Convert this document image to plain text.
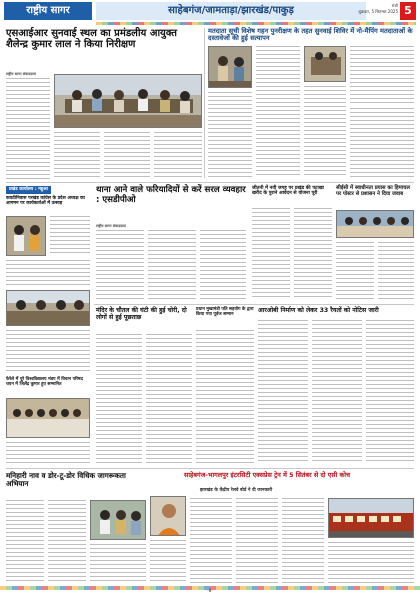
राष्ट्रीय सागर	साहेबगंज/जामताड़ा/झारखंड/पाकुड़	रांची
शुक्रवार, 5 सितम्बर 2025 5
एसआईआर सुनवाई स्थल का प्रमंडलीय आयुक्त शैलेन्द्र कुमार लाल ने किया निरीक्षण
राष्ट्रीय सागर संवाददाता
मतदाता सूची विशेष गहन पुनरीक्षण के तहत सुनवाई शिविर में नो-मैपिंग मतदाताओं के दस्तावेजों की हुई सत्यापन
प्रखंड कार्यालय : महुआ
कवठीनिवास परखंड कांग्रेस के प्रदेश अध्यक्ष का आगमन पर कार्यकर्ताओं में उत्साह
थाना आने वाले फरियादियों से करें सरल व्यवहार : एसडीपीओ
राष्ट्रीय सागर संवाददाता
जीतनी में नयी जगह पर प्रखंड की पटाखा खरीद के पुराने आवेदन से योजना पूरी
सीईसी में स्वाधीनता प्रयास का हिमाचल पर पोस्टर से प्रशासन ने दिया जवाब
फेरेले में पूरे विश्वविद्यालय मंडप में विधान परिषद चयन में जिलेंद्र कुमार हुए सम्मानित
मंदिर के चौतल की घंटी की हुई चोरी, दो लोगों से हुई पूछताछ
प्रधान मुखामंत्री पति सहयोग के द्वारा किया गया पूर्वज सम्मान
आरओबी निर्माण को लेकर 33 रैयतों को नोटिस जारी
मनिहारी नाव व डोर-टू-डोर विधिक जागरूकता अभियान
साहेबगंज-भागलपुर इंटरसिटी एक्सप्रेस ट्रेन में 5 सितंबर से दो एसी कोच
झारखंड के केंद्रीय रेलवे बोर्ड ने दी जानकारी
-8-
